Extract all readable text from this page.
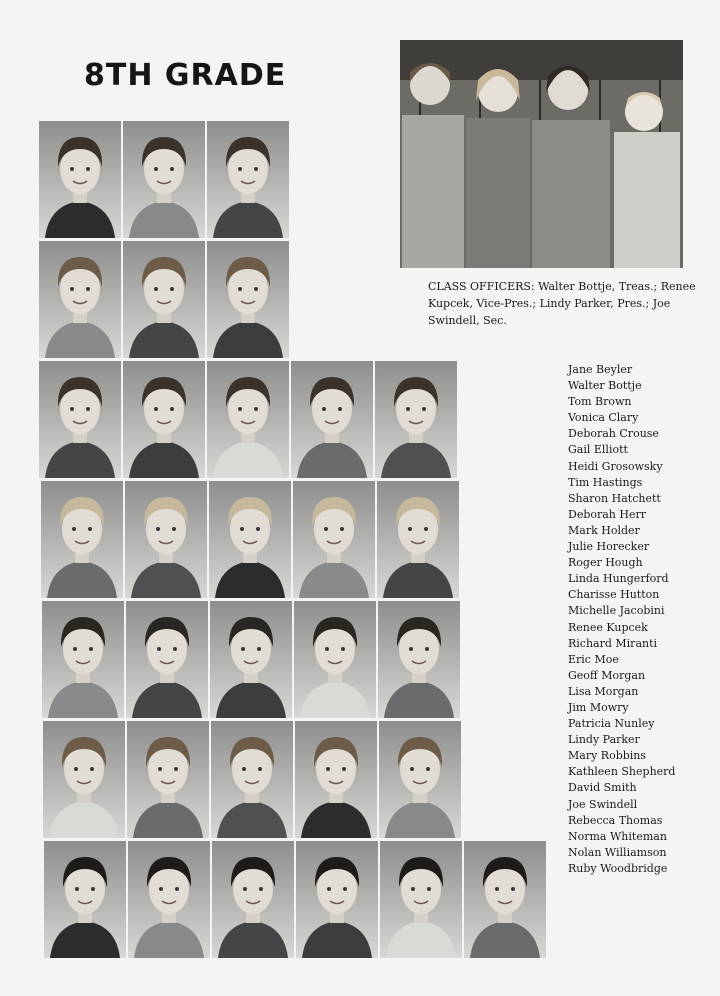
8TH GRADE
CLASS OFFICERS: Walter Bottje, Treas.; Renee Kupcek, Vice-Pres.; Lindy Parker, Pres.; Joe Swindell, Sec.
Jane Beyler
Walter Bottje
Tom Brown
Vonica Clary
Deborah Crouse
Gail Elliott
Heidi Grosowsky
Tim Hastings
Sharon Hatchett
Deborah Herr
Mark Holder
Julie Horecker
Roger Hough
Linda Hungerford
Charisse Hutton
Michelle Jacobini
Renee Kupcek
Richard Miranti
Eric Moe
Geoff Morgan
Lisa Morgan
Jim Mowry
Patricia Nunley
Lindy Parker
Mary Robbins
Kathleen Shepherd
David Smith
Joe Swindell
Rebecca Thomas
Norma Whiteman
Nolan Williamson
Ruby Woodbridge
